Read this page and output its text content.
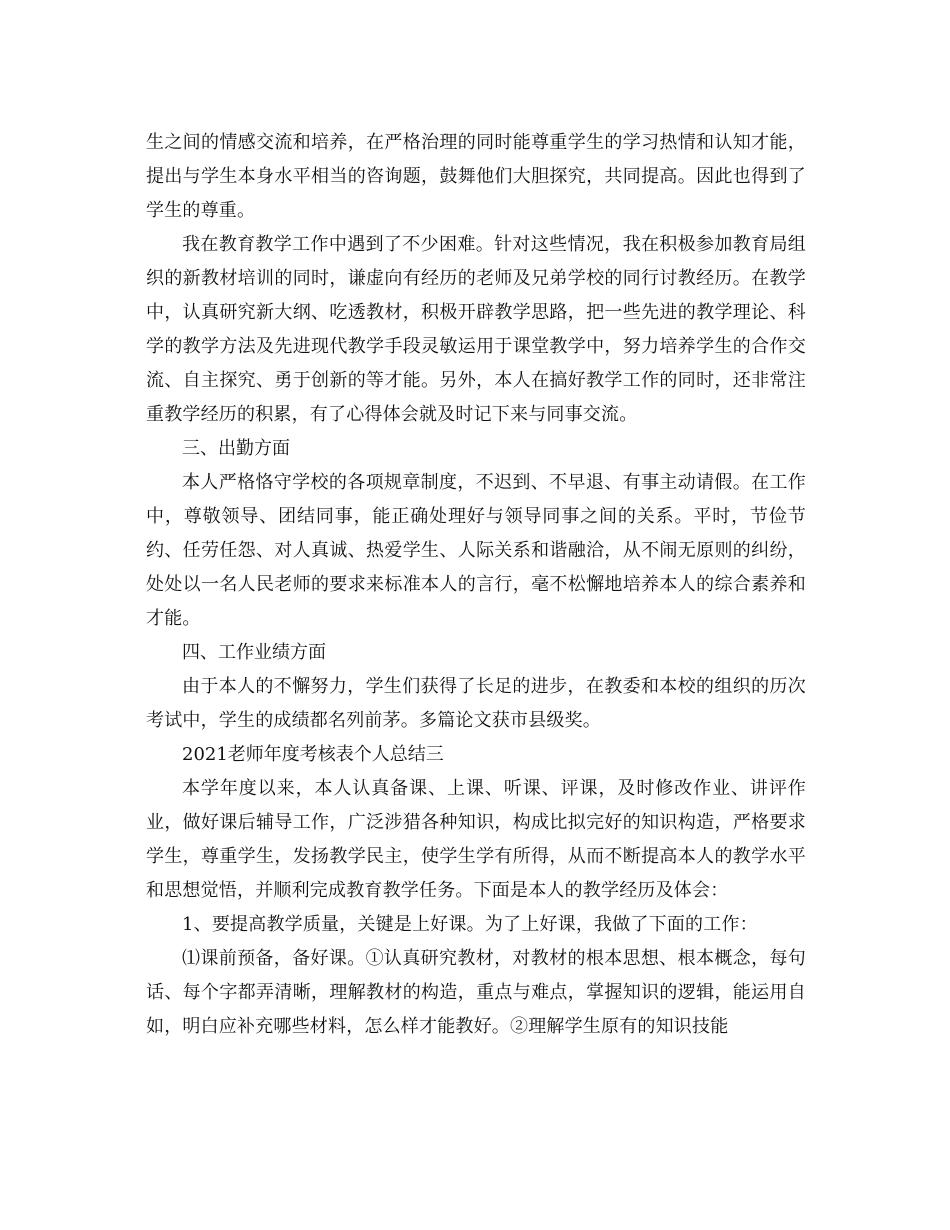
生之间的情感交流和培养，在严格治理的同时能尊重学生的学习热情和认知才能，提出与学生本身水平相当的咨询题，鼓舞他们大胆探究，共同提高。因此也得到了学生的尊重。

我在教育教学工作中遇到了不少困难。针对这些情况，我在积极参加教育局组织的新教材培训的同时，谦虚向有经历的老师及兄弟学校的同行讨教经历。在教学中，认真研究新大纲、吃透教材，积极开辟教学思路，把一些先进的教学理论、科学的教学方法及先进现代教学手段灵敏运用于课堂教学中，努力培养学生的合作交流、自主探究、勇于创新的等才能。另外，本人在搞好教学工作的同时，还非常注重教学经历的积累，有了心得体会就及时记下来与同事交流。

三、出勤方面

本人严格恪守学校的各项规章制度，不迟到、不早退、有事主动请假。在工作中，尊敬领导、团结同事，能正确处理好与领导同事之间的关系。平时，节俭节约、任劳任怨、对人真诚、热爱学生、人际关系和谐融洽，从不闹无原则的纠纷，处处以一名人民老师的要求来标准本人的言行，毫不松懈地培养本人的综合素养和才能。

四、工作业绩方面

由于本人的不懈努力，学生们获得了长足的进步，在教委和本校的组织的历次考试中，学生的成绩都名列前茅。多篇论文获市县级奖。

2021老师年度考核表个人总结三

本学年度以来，本人认真备课、上课、听课、评课，及时修改作业、讲评作业，做好课后辅导工作，广泛涉猎各种知识，构成比拟完好的知识构造，严格要求学生，尊重学生，发扬教学民主，使学生学有所得，从而不断提高本人的教学水平和思想觉悟，并顺利完成教育教学任务。下面是本人的教学经历及体会：

1、要提高教学质量，关键是上好课。为了上好课，我做了下面的工作：

⑴课前预备，备好课。①认真研究教材，对教材的根本思想、根本概念，每句话、每个字都弄清晰，理解教材的构造，重点与难点，掌握知识的逻辑，能运用自如，明白应补充哪些材料，怎么样才能教好。②理解学生原有的知识技能
